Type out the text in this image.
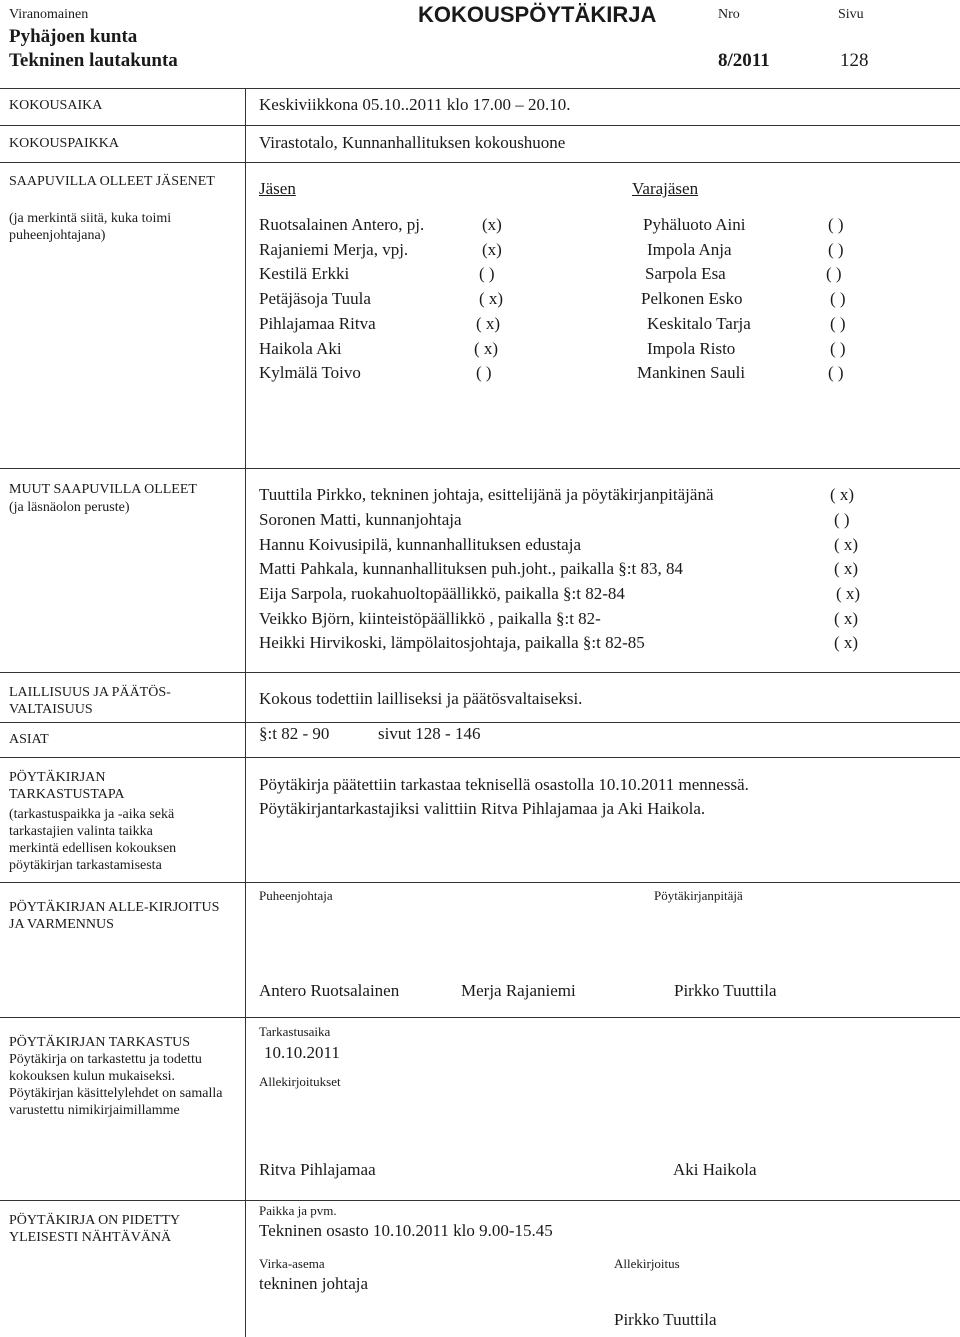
Viranomainen	KOKOUSPÖYTÄKIRJA	Nro	Sivu
Pyhäjoen kunta
Tekninen lautakunta	8/2011	128
KOKOUSAIKA	Keskiviikkona 05.10..2011 klo 17.00 – 20.10.
KOKOUSPAIKKA	Virastotalo, Kunnanhallituksen kokoushuone
SAAPUVILLA OLLEET JÄSENET
(ja merkintä siitä, kuka toimi puheenjohtajana)
Jäsen	Varajäsen
Ruotsalainen Antero, pj.	(x)	Pyhäluoto Aini	( )
Rajaniemi Merja, vpj.	(x)	Impola Anja	( )
Kestilä Erkki	( )	Sarpola Esa	( )
Petäjäsoja Tuula	( x)	Pelkonen Esko	( )
Pihlajamaa Ritva	( x)	Keskitalo Tarja	( )
Haikola Aki	( x)	Impola Risto	( )
Kylmälä Toivo	( )	Mankinen Sauli	( )
MUUT SAAPUVILLA OLLEET
(ja läsnäolon peruste)
Tuuttila Pirkko, tekninen johtaja, esittelijänä ja pöytäkirjanpitäjänä	( x)
Soronen Matti, kunnanjohtaja	( )
Hannu Koivusipilä, kunnanhallituksen edustaja	( x)
Matti Pahkala, kunnanhallituksen puh.joht., paikalla §:t 83, 84	( x)
Eija Sarpola, ruokahuoltopäällikkö, paikalla §:t 82-84	( x)
Veikko Björn, kiinteistöpäällikkö , paikalla §:t 82-	( x)
Heikki Hirvikoski, lämpölaitosjohtaja, paikalla §:t 82-85	( x)
LAILLISUUS JA PÄÄTÖS-VALTAISUUS
Kokous todettiin lailliseksi ja päätösvaltaiseksi.
ASIAT	§:t 82 - 90	sivut 128 - 146
PÖYTÄKIRJAN TARKASTUSTAPA
(tarkastuspaikka ja -aika sekä tarkastajien valinta taikka merkintä edellisen kokouksen pöytäkirjan tarkastamisesta
Pöytäkirja päätettiin tarkastaa teknisellä osastolla 10.10.2011 mennessä.
Pöytäkirjantarkastajiksi valittiin Ritva Pihlajamaa ja Aki Haikola.
PÖYTÄKIRJAN ALLE-KIRJOITUS JA VARMENNUS
Puheenjohtaja	Pöytäkirjanpitäjä
Antero Ruotsalainen	Merja Rajaniemi	Pirkko Tuuttila
PÖYTÄKIRJAN TARKASTUS
Pöytäkirja on tarkastettu ja todettu kokouksen kulun mukaiseksi. Pöytäkirjan käsittelylehdet on samalla varustettu nimikirjaimillamme
Tarkastusaika
10.10.2011
Allekirjoitukset
Ritva Pihlajamaa	Aki Haikola
PÖYTÄKIRJA ON PIDETTY YLEISESTI NÄHTÄVÄNÄ
Paikka ja pvm.
Tekninen osasto 10.10.2011 klo 9.00-15.45
Virka-asema	Allekirjoitus
tekninen johtaja
Pirkko Tuuttila
